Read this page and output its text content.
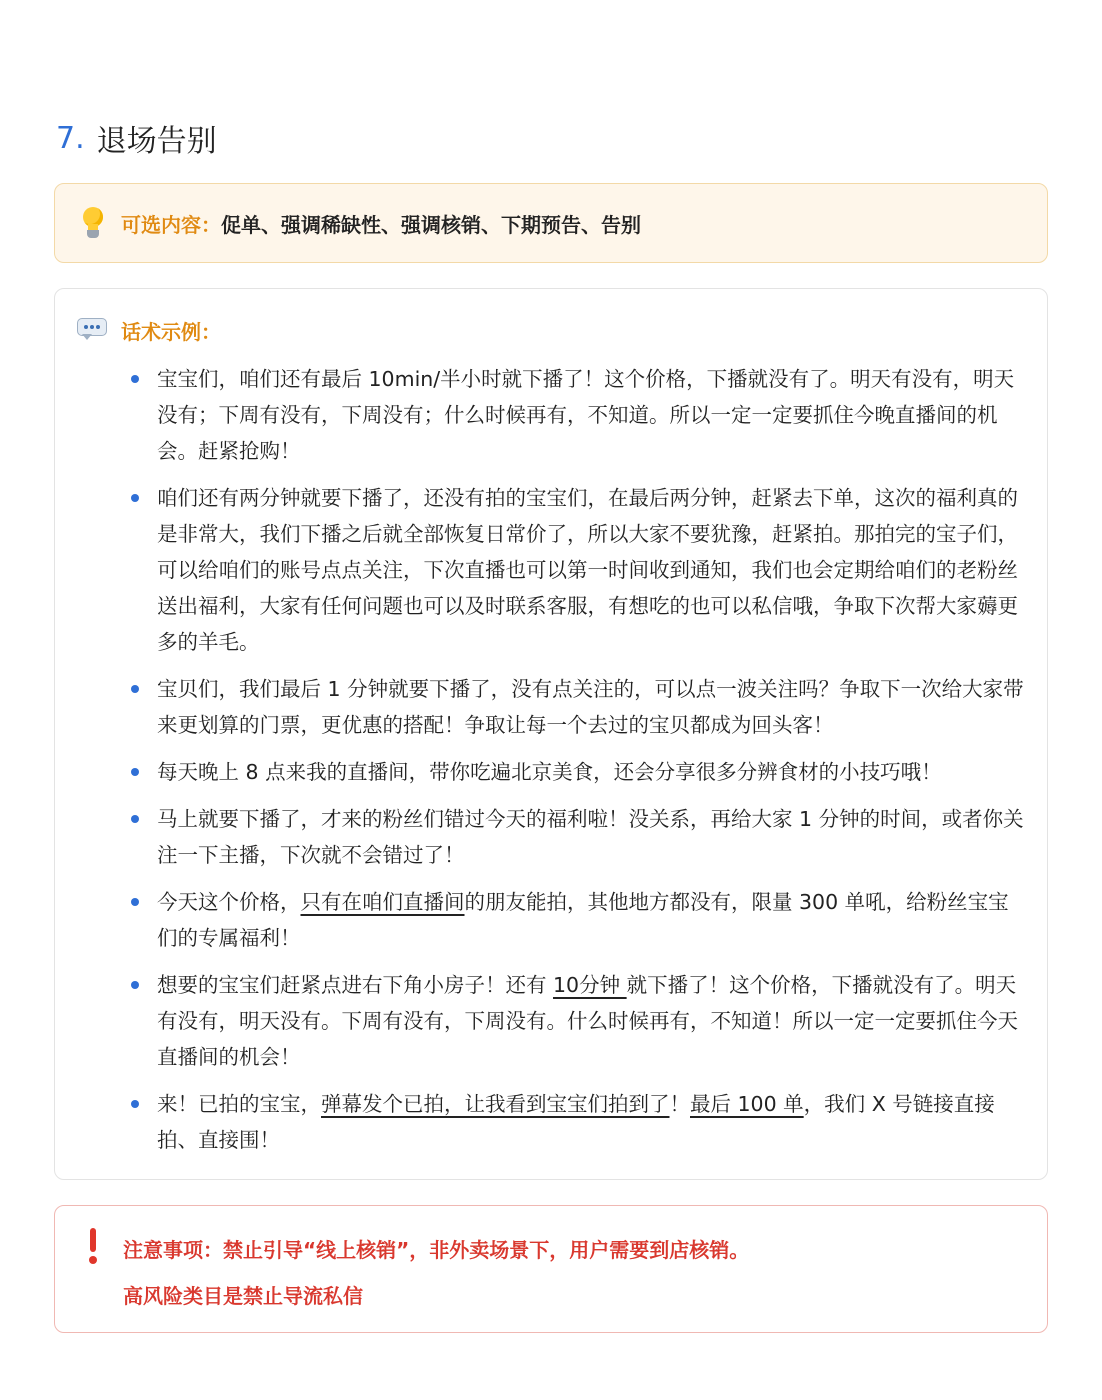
7. 退场告别
可选内容： 促单、强调稀缺性、强调核销、下期预告、告别
话术示例：
宝宝们，咱们还有最后 10min/半小时就下播了！这个价格，下播就没有了。明天有没有，明天没有；下周有没有，下周没有；什么时候再有，不知道。所以一定一定要抓住今晚直播间的机会。赶紧抢购！
咱们还有两分钟就要下播了，还没有拍的宝宝们，在最后两分钟，赶紧去下单，这次的福利真的是非常大，我们下播之后就全部恢复日常价了，所以大家不要犹豫，赶紧拍。那拍完的宝子们，可以给咱们的账号点点关注，下次直播也可以第一时间收到通知，我们也会定期给咱们的老粉丝送出福利，大家有任何问题也可以及时联系客服，有想吃的也可以私信哦，争取下次帮大家薅更多的羊毛。
宝贝们，我们最后 1 分钟就要下播了，没有点关注的，可以点一波关注吗？争取下一次给大家带来更划算的门票，更优惠的搭配！争取让每一个去过的宝贝都成为回头客！
每天晚上 8 点来我的直播间，带你吃遍北京美食，还会分享很多分辨食材的小技巧哦！
马上就要下播了，才来的粉丝们错过今天的福利啦！没关系，再给大家 1 分钟的时间，或者你关注一下主播，下次就不会错过了！
今天这个价格，只有在咱们直播间的朋友能拍，其他地方都没有，限量 300 单吼，给粉丝宝宝们的专属福利！
想要的宝宝们赶紧点进右下角小房子！还有 10分钟 就下播了！这个价格，下播就没有了。明天有没有，明天没有。下周有没有，下周没有。什么时候再有，不知道！所以一定一定要抓住今天直播间的机会！
来！已拍的宝宝，弹幕发个已拍，让我看到宝宝们拍到了！最后 100 单，我们 X 号链接直接拍、直接围！
注意事项：禁止引导“线上核销”，非外卖场景下，用户需要到店核销。
高风险类目是禁止导流私信
